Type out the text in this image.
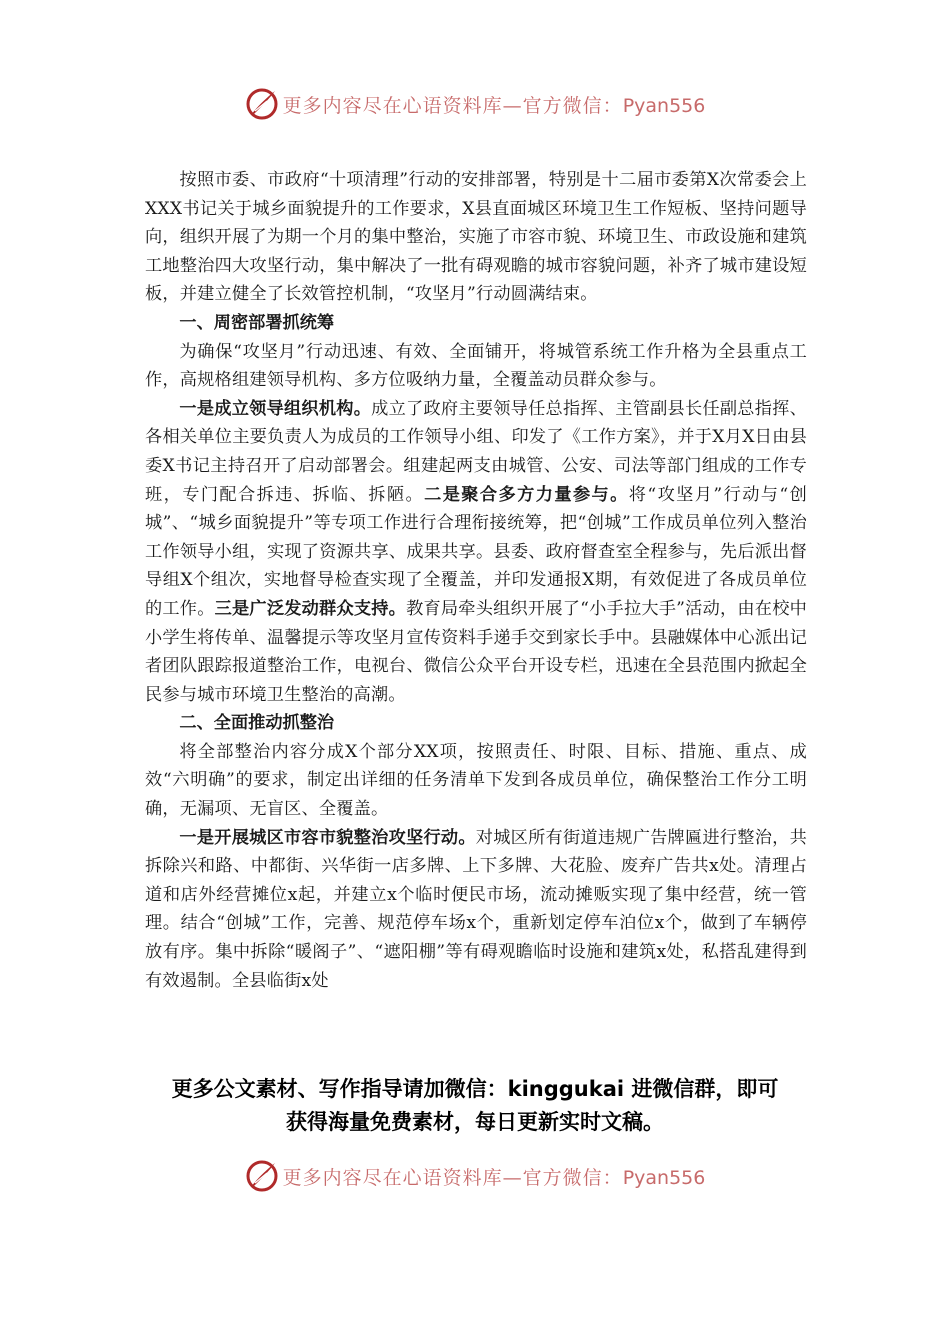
更多内容尽在心语资料库—官方微信：Pyan556

按照市委、市政府“十项清理”行动的安排部署，特别是十二届市委第X次常委会上XXX书记关于城乡面貌提升的工作要求，X县直面城区环境卫生工作短板、坚持问题导向，组织开展了为期一个月的集中整治，实施了市容市貌、环境卫生、市政设施和建筑工地整治四大攻坚行动，集中解决了一批有碍观瞻的城市容貌问题，补齐了城市建设短板，并建立健全了长效管控机制，“攻坚月”行动圆满结束。

一、周密部署抓统筹

为确保“攻坚月”行动迅速、有效、全面铺开，将城管系统工作升格为全县重点工作，高规格组建领导机构、多方位吸纳力量，全覆盖动员群众参与。

一是成立领导组织机构。成立了政府主要领导任总指挥、主管副县长任副总指挥、各相关单位主要负责人为成员的工作领导小组、印发了《工作方案》，并于X月X日由县委X书记主持召开了启动部署会。组建起两支由城管、公安、司法等部门组成的工作专班，专门配合拆违、拆临、拆陋。二是聚合多方力量参与。将“攻坚月”行动与“创城”、“城乡面貌提升”等专项工作进行合理衔接统筹，把“创城”工作成员单位列入整治工作领导小组，实现了资源共享、成果共享。县委、政府督查室全程参与，先后派出督导组X个组次，实地督导检查实现了全覆盖，并印发通报X期，有效促进了各成员单位的工作。三是广泛发动群众支持。教育局牵头组织开展了“小手拉大手”活动，由在校中小学生将传单、温馨提示等攻坚月宣传资料手递手交到家长手中。县融媒体中心派出记者团队跟踪报道整治工作，电视台、微信公众平台开设专栏，迅速在全县范围内掀起全民参与城市环境卫生整治的高潮。

二、全面推动抓整治

将全部整治内容分成X个部分XX项，按照责任、时限、目标、措施、重点、成效“六明确”的要求，制定出详细的任务清单下发到各成员单位，确保整治工作分工明确，无漏项、无盲区、全覆盖。

一是开展城区市容市貌整治攻坚行动。对城区所有街道违规广告牌匾进行整治，共拆除兴和路、中都街、兴华街一店多牌、上下多牌、大花脸、废弃广告共x处。清理占道和店外经营摊位x起，并建立x个临时便民市场，流动摊贩实现了集中经营，统一管理。结合“创城”工作，完善、规范停车场x个，重新划定停车泊位x个，做到了车辆停放有序。集中拆除“暖阁子”、“遮阳棚”等有碍观瞻临时设施和建筑x处，私搭乱建得到有效遏制。全县临街x处

更多公文素材、写作指导请加微信：kinggukai 进微信群，即可
获得海量免费素材，每日更新实时文稿。
更多内容尽在心语资料库—官方微信：Pyan556
